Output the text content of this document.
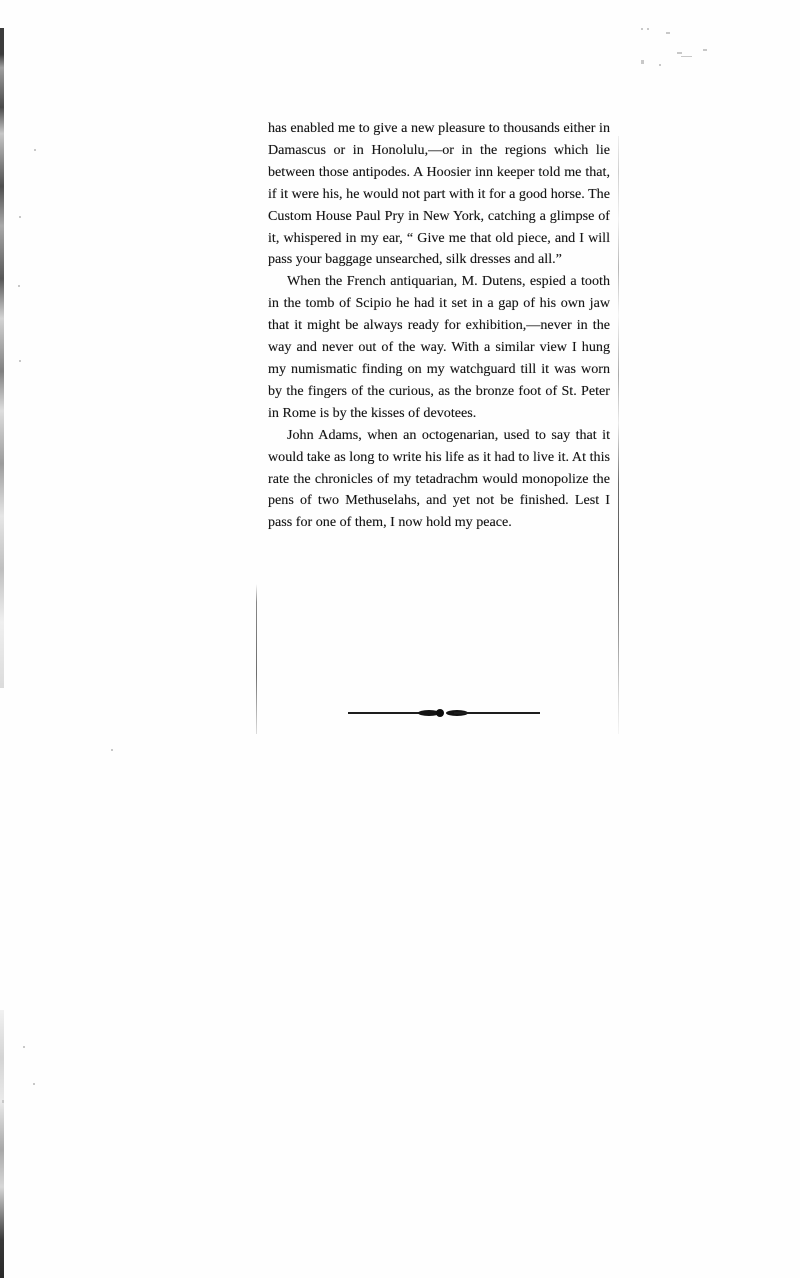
has enabled me to give a new pleasure to thousands either in Damascus or in Honolulu,—or in the regions which lie between those antipodes. A Hoosier inn keeper told me that, if it were his, he would not part with it for a good horse. The Custom House Paul Pry in New York, catching a glimpse of it, whispered in my ear, “ Give me that old piece, and I will pass your baggage unsearched, silk dresses and all.”

When the French antiquarian, M. Dutens, espied a tooth in the tomb of Scipio he had it set in a gap of his own jaw that it might be always ready for exhibition,—never in the way and never out of the way. With a similar view I hung my numismatic finding on my watchguard till it was worn by the fingers of the curious, as the bronze foot of St. Peter in Rome is by the kisses of devotees.

John Adams, when an octogenarian, used to say that it would take as long to write his life as it had to live it. At this rate the chronicles of my tetadrachm would monopolize the pens of two Methuselahs, and yet not be finished. Lest I pass for one of them, I now hold my peace.
